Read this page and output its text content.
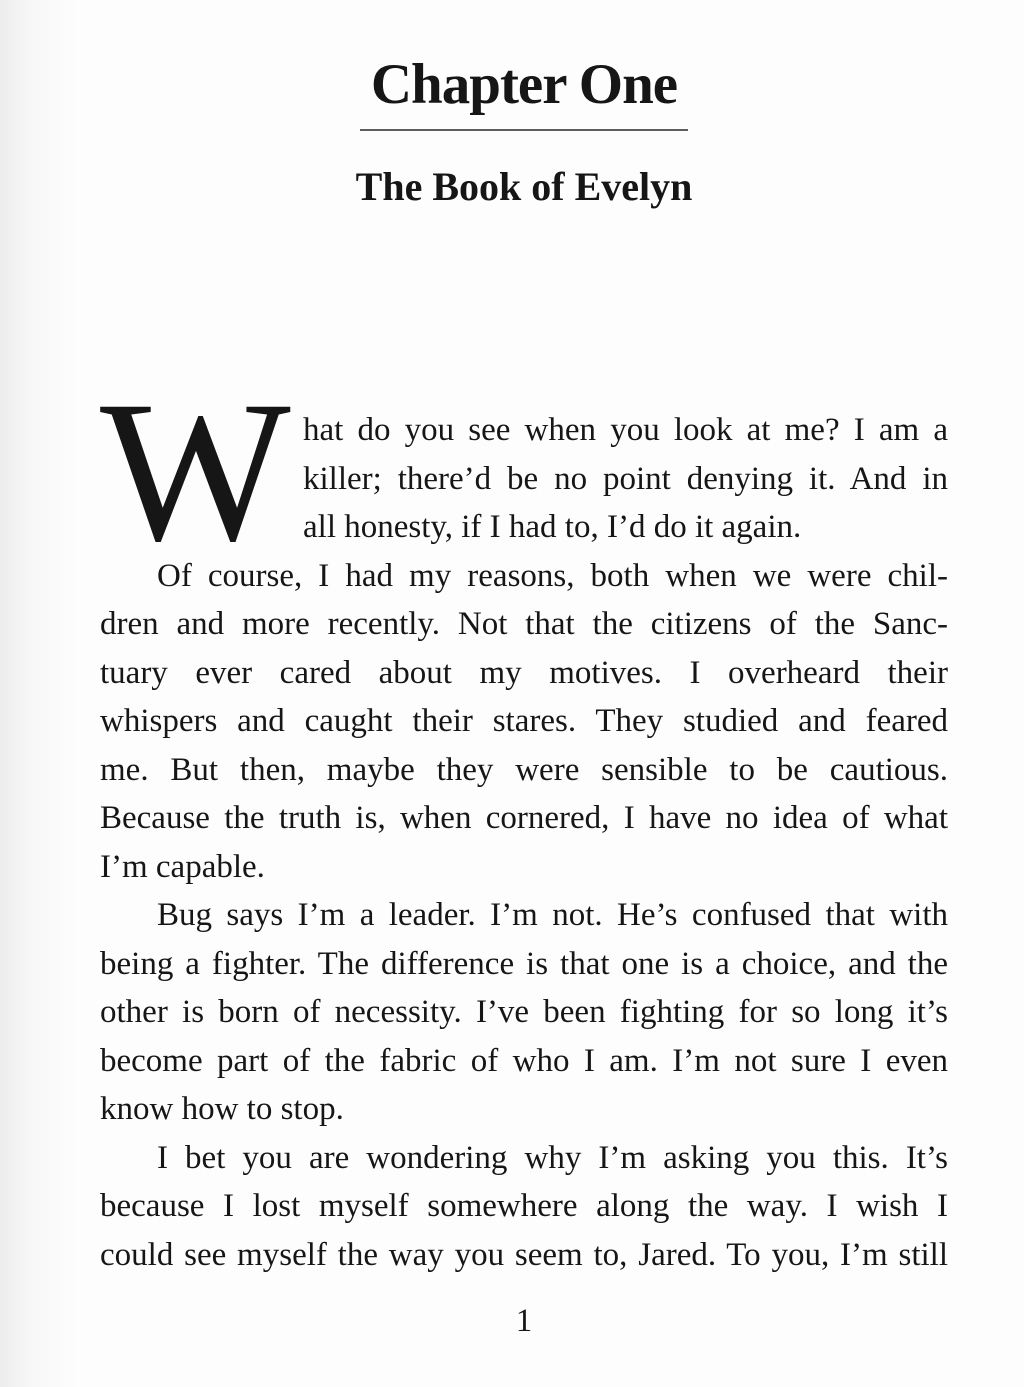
Chapter One
The Book of Evelyn
W hat do you see when you look at me? I am a
killer; there’d be no point denying it. And in
all honesty, if I had to, I’d do it again.
Of course, I had my reasons, both when we were chil-
dren and more recently. Not that the citizens of the Sanc-
tuary ever cared about my motives. I overheard their
whispers and caught their stares. They studied and feared
me. But then, maybe they were sensible to be cautious.
Because the truth is, when cornered, I have no idea of what
I’m capable.
Bug says I’m a leader. I’m not. He’s confused that with
being a fighter. The difference is that one is a choice, and the
other is born of necessity. I’ve been fighting for so long it’s
become part of the fabric of who I am. I’m not sure I even
know how to stop.
I bet you are wondering why I’m asking you this. It’s
because I lost myself somewhere along the way. I wish I
could see myself the way you seem to, Jared. To you, I’m still
1
